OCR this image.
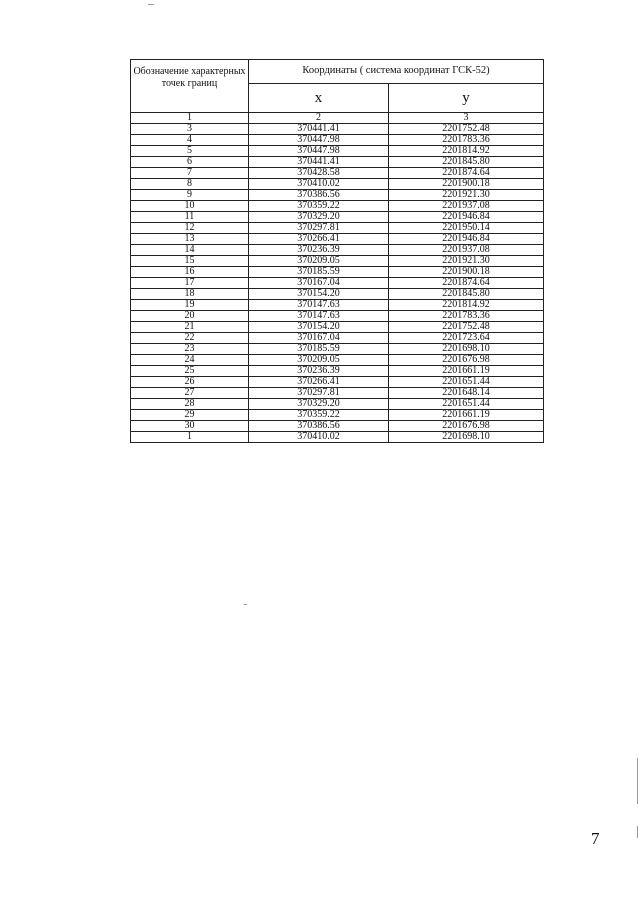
Обозначение характерных точек границ	Координаты ( система координат ГСК-52)	
	x	y
1	2	3
3	370441.41	2201752.48
4	370447.98	2201783.36
5	370447.98	2201814.92
6	370441.41	2201845.80
7	370428.58	2201874.64
8	370410.02	2201900.18
9	370386.56	2201921.30
10	370359.22	2201937.08
11	370329.20	2201946.84
12	370297.81	2201950.14
13	370266.41	2201946.84
14	370236.39	2201937.08
15	370209.05	2201921.30
16	370185.59	2201900.18
17	370167.04	2201874.64
18	370154.20	2201845.80
19	370147.63	2201814.92
20	370147.63	2201783.36
21	370154.20	2201752.48
22	370167.04	2201723.64
23	370185.59	2201698.10
24	370209.05	2201676.98
25	370236.39	2201661.19
26	370266.41	2201651.44
27	370297.81	2201648.14
28	370329.20	2201651.44
29	370359.22	2201661.19
30	370386.56	2201676.98
1	370410.02	2201698.10
7
